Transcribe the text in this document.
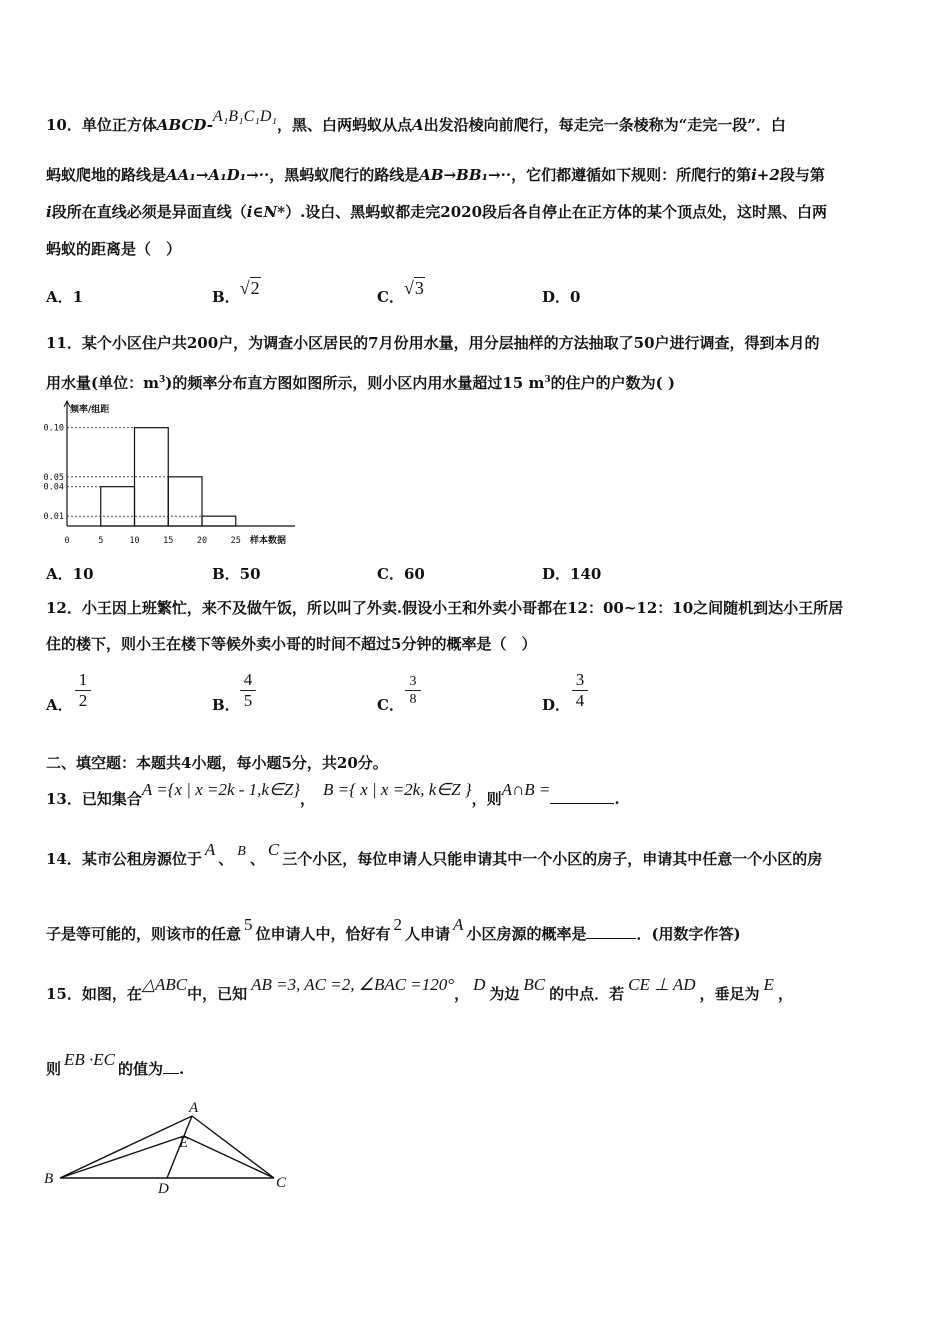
10．单位正方体ABCD-A₁B₁C₁D₁，黑、白两蚂蚁从点A出发沿棱向前爬行，每走完一条棱称为“走完一段”．白
蚂蚁爬地的路线是AA₁→A₁D₁→··，黑蚂蚁爬行的路线是AB→BB₁→··，它们都遵循如下规则：所爬行的第i+2段与第
i段所在直线必须是异面直线（i∈N*）.设白、黑蚂蚁都走完2020段后各自停止在正方体的某个顶点处，这时黑、白两
蚂蚁的距离是（　）
A．1	B．√2	C．√3	D．0
11．某个小区住户共200户，为调查小区居民的7月份用水量，用分层抽样的方法抽取了50户进行调查，得到本月的
用水量(单位：$m^3$)的频率分布直方图如图所示，则小区内用水量超过15 $m^3$的住户的户数为( )
0.10
0.05
0.04
0.01
0	5	10	15	20	25
频率/组距
样本数据
A．10	B．50	C．60	D．140
12．小王因上班繁忙，来不及做午饭，所以叫了外卖.假设小王和外卖小哥都在12：00~12：10之间随机到达小王所居
住的楼下，则小王在楼下等候外卖小哥的时间不超过5分钟的概率是（　）
A． $\frac{1}{2}$	B． $\frac{4}{5}$	C． $\frac{3}{8}$	D． $\frac{3}{4}$
二、填空题：本题共4小题，每小题5分，共20分。
13．已知集合A ={x | x =2k - 1,k∈Z}， B ={ x | x =2k, k∈Z }，则A∩B =	.
14．某市公租房源位于 A 、 B 、 C 三个小区，每位申请人只能申请其中一个小区的房子，申请其中任意一个小区的房
子是等可能的，则该市的任意 5 位申请人中，恰好有 2 人申请 A 小区房源的概率是	．(用数字作答)
15．如图，在△ABC中，已知 AB =3, AC =2, ∠BAC =120°， D 为边 BC 的中点．若 CE ⊥ AD ，垂足为 E ，
则 EB ·EC 的值为 .
A
B	C
D
E
